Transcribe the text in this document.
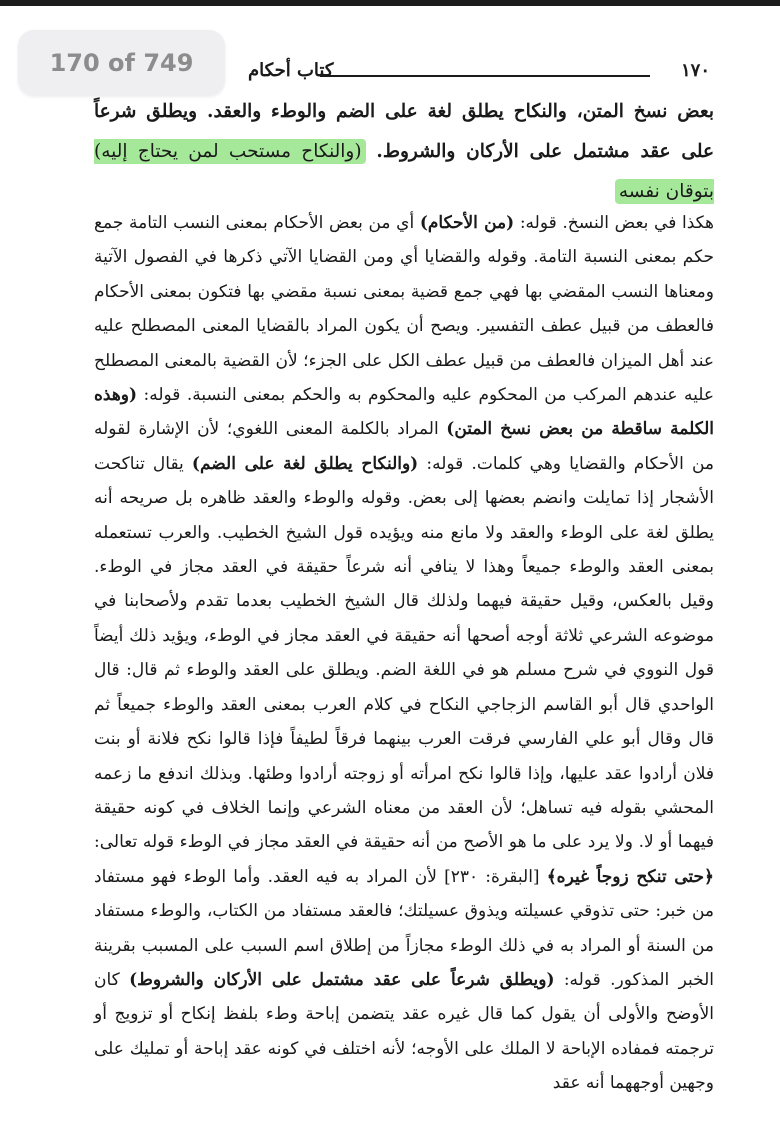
١٧٠
كتاب أحكام
بعض نسخ المتن، والنكاح يطلق لغة على الضم والوطء والعقد. ويطلق شرعاً على عقد مشتمل على الأركان والشروط. (والنكاح مستحب لمن يحتاج إليه) بتوقان نفسه
هكذا في بعض النسخ. قوله: (من الأحكام) أي من بعض الأحكام بمعنى النسب التامة جمع حكم بمعنى النسبة التامة. وقوله والقضايا أي ومن القضايا الآتي ذكرها في الفصول الآتية ومعناها النسب المقضي بها فهي جمع قضية بمعنى نسبة مقضي بها فتكون بمعنى الأحكام فالعطف من قبيل عطف التفسير. ويصح أن يكون المراد بالقضايا المعنى المصطلح عليه عند أهل الميزان فالعطف من قبيل عطف الكل على الجزء؛ لأن القضية بالمعنى المصطلح عليه عندهم المركب من المحكوم عليه والمحكوم به والحكم بمعنى النسبة. قوله: (وهذه الكلمة ساقطة من بعض نسخ المتن) المراد بالكلمة المعنى اللغوي؛ لأن الإشارة لقوله من الأحكام والقضايا وهي كلمات. قوله: (والنكاح يطلق لغة على الضم) يقال تناكحت الأشجار إذا تمايلت وانضم بعضها إلى بعض. وقوله والوطء والعقد ظاهره بل صريحه أنه يطلق لغة على الوطء والعقد ولا مانع منه ويؤيده قول الشيخ الخطيب. والعرب تستعمله بمعنى العقد والوطء جميعاً وهذا لا ينافي أنه شرعاً حقيقة في العقد مجاز في الوطء. وقيل بالعكس، وقيل حقيقة فيهما ولذلك قال الشيخ الخطيب بعدما تقدم ولأصحابنا في موضوعه الشرعي ثلاثة أوجه أصحها أنه حقيقة في العقد مجاز في الوطء، ويؤيد ذلك أيضاً قول النووي في شرح مسلم هو في اللغة الضم. ويطلق على العقد والوطء ثم قال: قال الواحدي قال أبو القاسم الزجاجي النكاح في كلام العرب بمعنى العقد والوطء جميعاً ثم قال وقال أبو علي الفارسي فرقت العرب بينهما فرقاً لطيفاً فإذا قالوا نكح فلانة أو بنت فلان أرادوا عقد عليها، وإذا قالوا نكح امرأته أو زوجته أرادوا وطئها. وبذلك اندفع ما زعمه المحشي بقوله فيه تساهل؛ لأن العقد من معناه الشرعي وإنما الخلاف في كونه حقيقة فيهما أو لا. ولا يرد على ما هو الأصح من أنه حقيقة في العقد مجاز في الوطء قوله تعالى: ﴿حتى تنكح زوجاً غيره﴾ [البقرة: ٢٣٠] لأن المراد به فيه العقد. وأما الوطء فهو مستفاد من خبر: حتى تذوقي عسيلته ويذوق عسيلتك؛ فالعقد مستفاد من الكتاب، والوطء مستفاد من السنة أو المراد به في ذلك الوطء مجازاً من إطلاق اسم السبب على المسبب بقرينة الخبر المذكور. قوله: (ويطلق شرعاً على عقد مشتمل على الأركان والشروط) كان الأوضح والأولى أن يقول كما قال غيره عقد يتضمن إباحة وطء بلفظ إنكاح أو تزويج أو ترجمته فمفاده الإباحة لا الملك على الأوجه؛ لأنه اختلف في كونه عقد إباحة أو تمليك على وجهين أوجههما أنه عقد
170 of 749
